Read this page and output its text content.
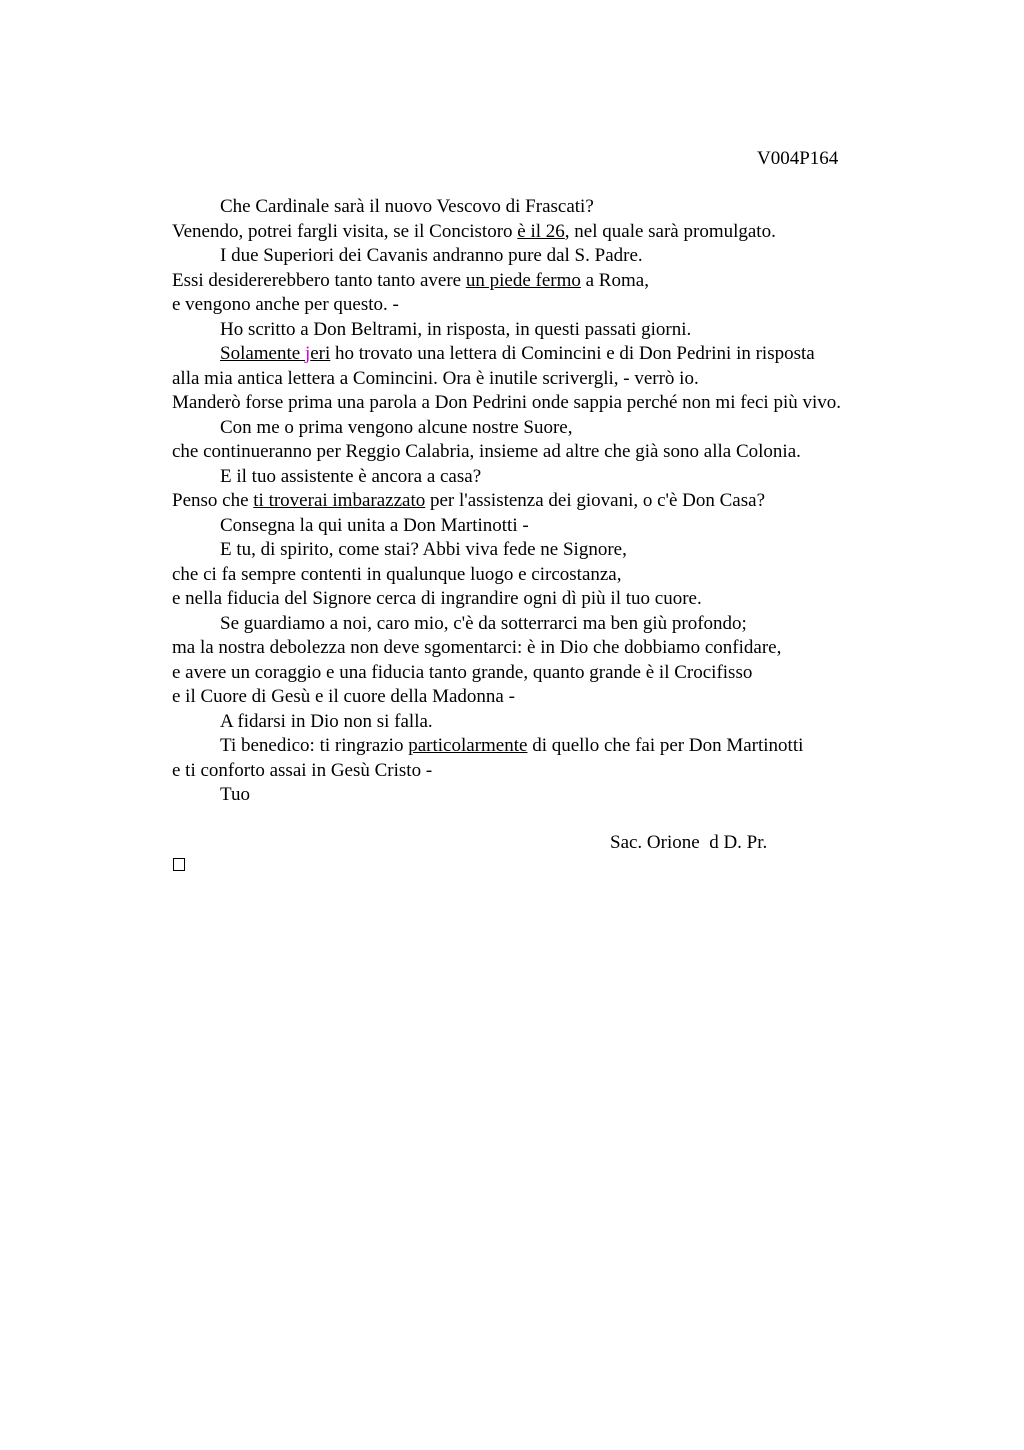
V004P164
Che Cardinale sarà il nuovo Vescovo di Frascati?
Venendo, potrei fargli visita, se il Concistoro è il 26, nel quale sarà promulgato.
I due Superiori dei Cavanis andranno pure dal S. Padre.
Essi desidererebbero tanto tanto avere un piede fermo a Roma,
e vengono anche per questo. -
Ho scritto a Don Beltrami, in risposta, in questi passati giorni.
Solamente jeri ho trovato una lettera di Comincini e di Don Pedrini in risposta
alla mia antica lettera a Comincini. Ora è inutile scrivergli, - verrò io.
Manderò forse prima una parola a Don Pedrini onde sappia perché non mi feci più vivo.
Con me o prima vengono alcune nostre Suore,
che continueranno per Reggio Calabria, insieme ad altre che già sono alla Colonia.
E il tuo assistente è ancora a casa?
Penso che ti troverai imbarazzato per l'assistenza dei giovani, o c'è Don Casa?
Consegna la qui unita a Don Martinotti -
E tu, di spirito, come stai? Abbi viva fede ne Signore,
che ci fa sempre contenti in qualunque luogo e circostanza,
e nella fiducia del Signore cerca di ingrandire ogni dì più il tuo cuore.
Se guardiamo a noi, caro mio, c'è da sotterrarci ma ben giù profondo;
ma la nostra debolezza non deve sgomentarci: è in Dio che dobbiamo confidare,
e avere un coraggio e una fiducia tanto grande, quanto grande è il Crocifisso
e il Cuore di Gesù e il cuore della Madonna -
A fidarsi in Dio non si falla.
Ti benedico: ti ringrazio particolarmente di quello che fai per Don Martinotti
e ti conforto assai in Gesù Cristo -
Tuo
Sac. Orione  d D. Pr.
